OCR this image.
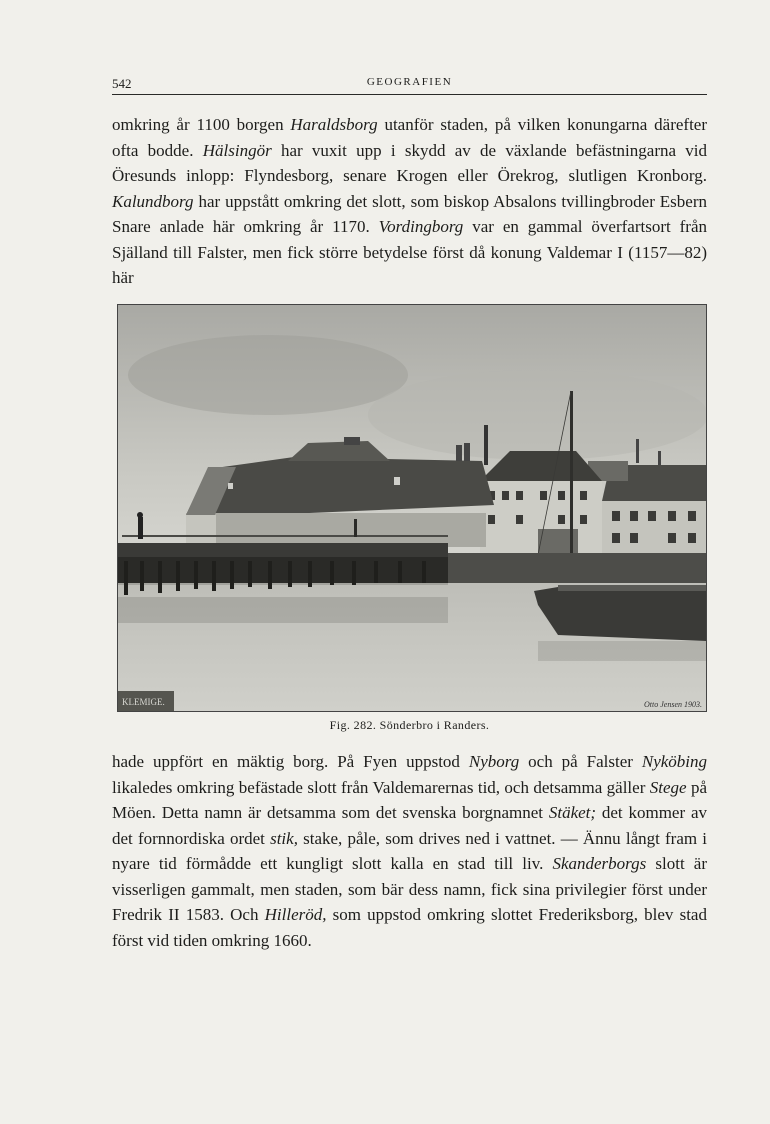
542	GEOGRAFIEN
omkring år 1100 borgen Haraldsborg utanför staden, på vilken konungarna därefter ofta bodde. Hälsingör har vuxit upp i skydd av de växlande befästningarna vid Öresunds inlopp: Flyndesborg, senare Krogen eller Örekrog, slutligen Kronborg. Kalundborg har uppstått omkring det slott, som biskop Absalons tvillingbroder Esbern Snare anlade här omkring år 1170. Vordingborg var en gammal överfartsort från Själland till Falster, men fick större betydelse först då konung Valdemar I (1157—82) här
KLEMIGE.	Otto Jensen 1903.
Fig. 282. Sönderbro i Randers.
hade uppfört en mäktig borg. På Fyen uppstod Nyborg och på Falster Nyköbing likaledes omkring befästade slott från Valdemarernas tid, och detsamma gäller Stege på Möen. Detta namn är detsamma som det svenska borgnamnet Stäket; det kommer av det fornnordiska ordet stik, stake, påle, som drives ned i vattnet. — Ännu långt fram i nyare tid förmådde ett kungligt slott kalla en stad till liv. Skanderborgs slott är visserligen gammalt, men staden, som bär dess namn, fick sina privilegier först under Fredrik II 1583. Och Hilleröd, som uppstod omkring slottet Frederiksborg, blev stad först vid tiden omkring 1660.
